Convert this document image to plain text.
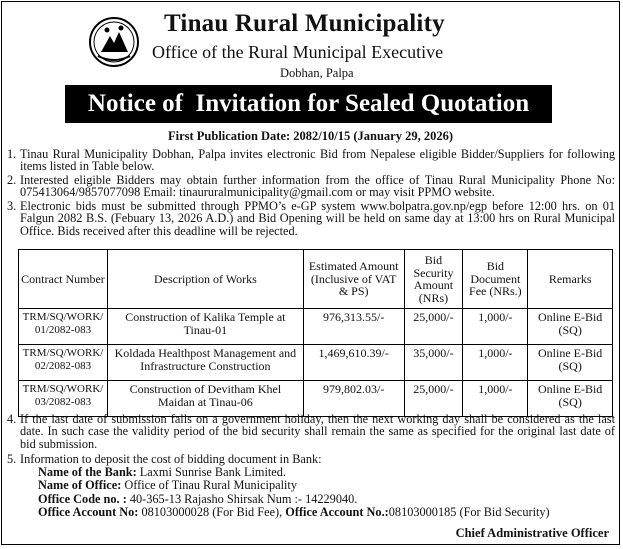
Tinau Rural Municipality
Office of the Rural Municipal Executive
Dobhan, Palpa
Notice of  Invitation for Sealed Quotation
First Publication Date: 2082/10/15 (January 29, 2026)
1. Tinau Rural Municipality Dobhan, Palpa invites electronic Bid from Nepalese eligible Bidder/Suppliers for following items listed in Table below.
2. Interested eligible Bidders may obtain further information from the office of Tinau Rural Municipality Phone No: 075413064/9857077098 Email: tinaururalmunicipality@gmail.com or may visit PPMO website.
3. Electronic bids must be submitted through PPMO’s e-GP system www.bolpatra.gov.np/egp before 12:00 hrs. on 01 Falgun 2082 B.S. (Febuary 13, 2026 A.D.) and Bid Opening will be held on same day at 13:00 hrs on Rural Municipal Office. Bids received after this deadline will be rejected.
Contract Number	Description of Works	Estimated Amount (Inclusive of VAT & PS)	Bid Security Amount (NRs)	Bid Document Fee (NRs.)	Remarks
TRM/SQ/WORK/ 01/2082-083	Construction of Kalika Temple at Tinau-01	976,313.55/-	25,000/-	1,000/-	Online E-Bid (SQ)
TRM/SQ/WORK/ 02/2082-083	Koldada Healthpost Management and Infrastructure Construction	1,469,610.39/-	35,000/-	1,000/-	Online E-Bid (SQ)
TRM/SQ/WORK/ 03/2082-083	Construction of Devitham Khel Maidan at Tinau-06	979,802.03/-	25,000/-	1,000/-	Online E-Bid (SQ)
4. If the last date of submission falls on a government holiday, then the next working day shall be considered as the last date. In such case the validity period of the bid security shall remain the same as specified for the original last date of bid submission.
5. Information to deposit the cost of bidding document in Bank:
Name of the Bank: Laxmi Sunrise Bank Limited.
Name of Office: Office of Tinau Rural Municipality
Office Code no. : 40-365-13 Rajasho Shirsak Num :- 14229040.
Office Account No: 08103000028 (For Bid Fee), Office Account No.:08103000185 (For Bid Security)
Chief Administrative Officer
